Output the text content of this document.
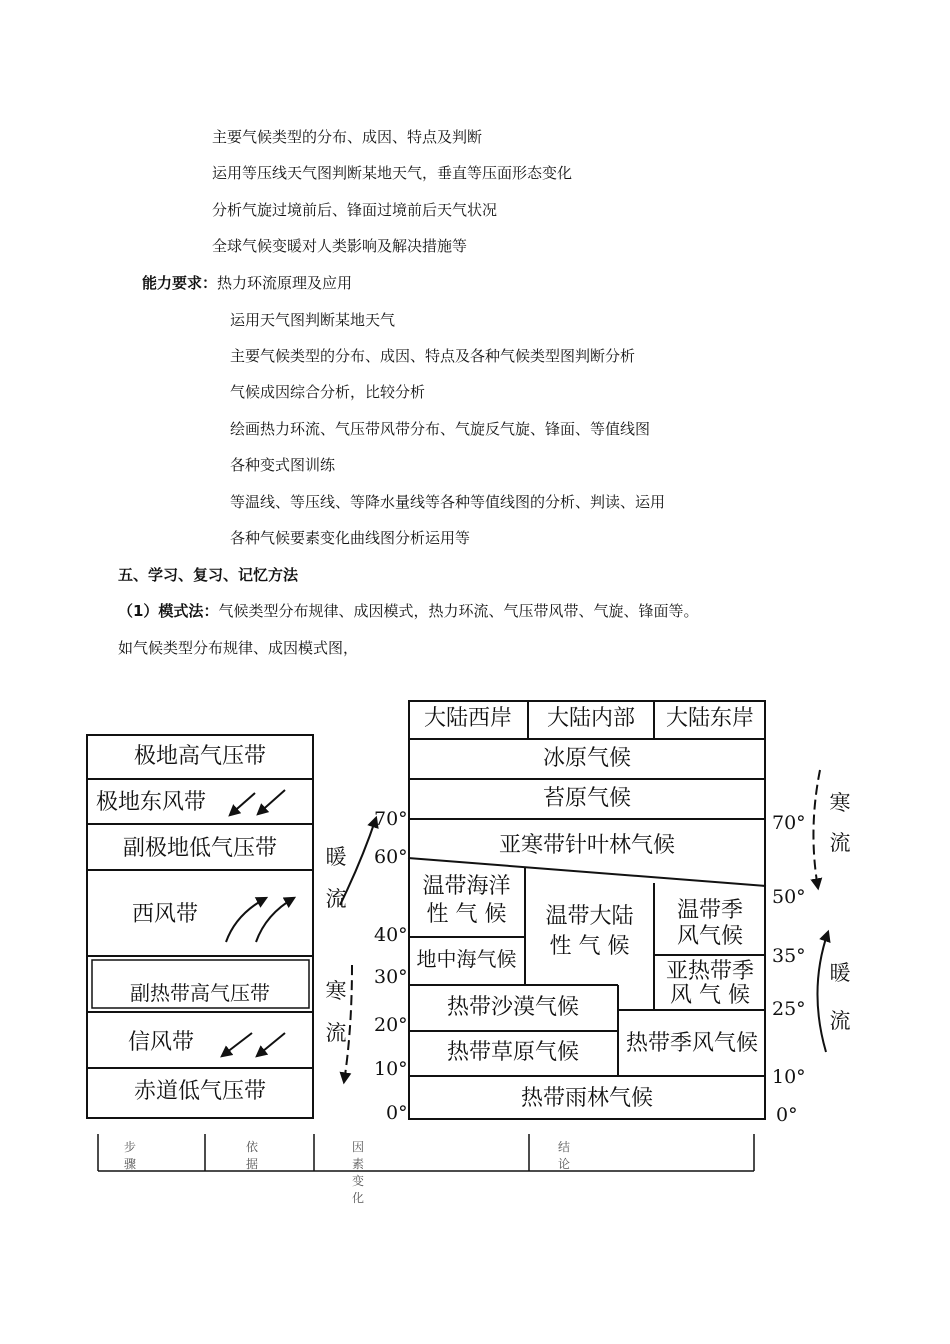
主要气候类型的分布、成因、特点及判断
运用等压线天气图判断某地天气，垂直等压面形态变化
分析气旋过境前后、锋面过境前后天气状况
全球气候变暖对人类影响及解决措施等
能力要求：热力环流原理及应用
运用天气图判断某地天气
主要气候类型的分布、成因、特点及各种气候类型图判断分析
气候成因综合分析，比较分析
绘画热力环流、气压带风带分布、气旋反气旋、锋面、等值线图
各种变式图训练
等温线、等压线、等降水量线等各种等值线图的分析、判读、运用
各种气候要素变化曲线图分析运用等
五、学习、复习、记忆方法
（1）模式法：气候类型分布规律、成因模式，热力环流、气压带风带、气旋、锋面等。
如气候类型分布规律、成因模式图，
极地高气压带
极地东风带
副极地低气压带
西风带
副热带高气压带
信风带
赤道低气压带
暖
流
寒
流
70°
60°
40°
30°
20°
10°
0°
大陆西岸	大陆内部	大陆东岸
冰原气候
苔原气候
亚寒带针叶林气候
温带海洋
性 气 候
地中海气候
温带大陆
性 气 候
温带季
风气候
亚热带季
风 气 候
热带沙漠气候
热带草原气候	热带季风气候
热带雨林气候
70°
50°
35°
25°
10°
0°
寒
流
暖
流
步骤
依据
因素变化
结论
